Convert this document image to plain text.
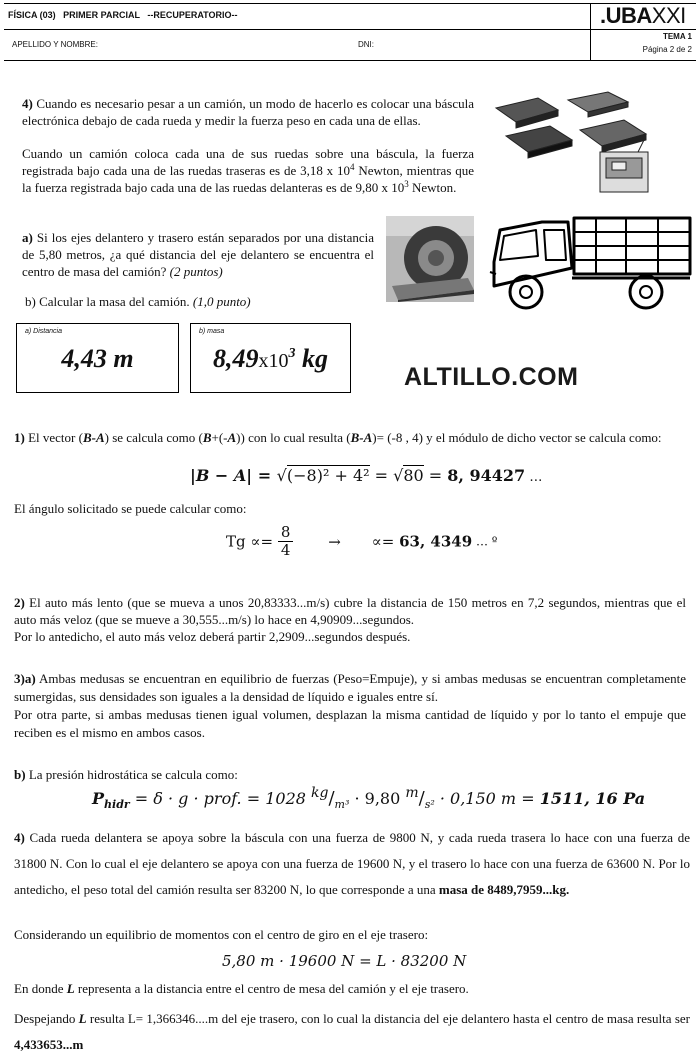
FÍSICA (03)   PRIMER PARCIAL   --RECUPERATORIO--	.UBAXXI
APELLIDO Y NOMBRE:	DNI:
TEMA 1
Página 2 de 2
4) Cuando es necesario pesar a un camión, un modo de hacerlo es colocar una báscula electrónica debajo de cada rueda y medir la fuerza peso en cada una de ellas.
Cuando un camión coloca cada una de sus ruedas sobre una báscula, la fuerza registrada bajo cada una de las ruedas traseras es de 3,18 x $10^4$ Newton, mientras que la fuerza registrada bajo cada una de las ruedas delanteras es de 9,80 x $10^3$ Newton.
a) Si los ejes delantero y trasero están separados por una distancia de 5,80 metros, ¿a qué distancia del eje delantero se encuentra el centro de masa del camión? (2 puntos)
b) Calcular la masa del camión. (1,0 punto)
a) Distancia
4,43 m
b) masa
$8,49x10^3$ kg
ALTILLO.COM
1) El vector (B-A) se calcula como (B+(-A)) con lo cual resulta (B-A)= (-8 , 4) y el módulo de dicho vector se calcula como:
|B − A| = √(−8)² + 4² = √80 = 8, 94427 …
El ángulo solicitado se puede calcular como:
$Tg \propto= \frac{8}{4}$ → ∝= 63, 4349 … º
2) El auto más lento (que se mueva a unos 20,83333...m/s) cubre la distancia de 150 metros en 7,2 segundos, mientras que el auto más veloz (que se mueve a 30,555...m/s) lo hace en 4,90909...segundos.
Por lo antedicho, el auto más veloz deberá partir 2,2909...segundos después.
3)a) Ambas medusas se encuentran en equilibrio de fuerzas (Peso=Empuje), y si ambas medusas se encuentran completamente sumergidas, sus densidades son iguales a la densidad de líquido e iguales entre sí.
Por otra parte, si ambas medusas tienen igual volumen, desplazan la misma cantidad de líquido y por lo tanto el empuje que reciben es el mismo en ambos casos.
b) La presión hidrostática se calcula como:
$P_{hidr} = \delta \cdot g$ · prof. = 1028 $^{kg}/_{m^3} \cdot 9,80$ $^m/_{s^2} \cdot 0,150$ m = 1511, 16 Pa
4) Cada rueda delantera se apoya sobre la báscula con una fuerza de 9800 N, y cada rueda trasera lo hace con una fuerza de 31800 N. Con lo cual el eje delantero se apoya con una fuerza de 19600 N, y el trasero lo hace con una fuerza de 63600 N. Por lo antedicho, el peso total del camión resulta ser 83200 N, lo que corresponde a una masa de 8489,7959...kg.
Considerando un equilibrio de momentos con el centro de giro en el eje trasero:
5,80 m · 19600 N = L · 83200 N
En donde L representa a la distancia entre el centro de mesa del camión y el eje trasero.
Despejando L resulta L= 1,366346....m del eje trasero, con lo cual la distancia del eje delantero hasta el centro de masa resulta ser 4,433653...m
